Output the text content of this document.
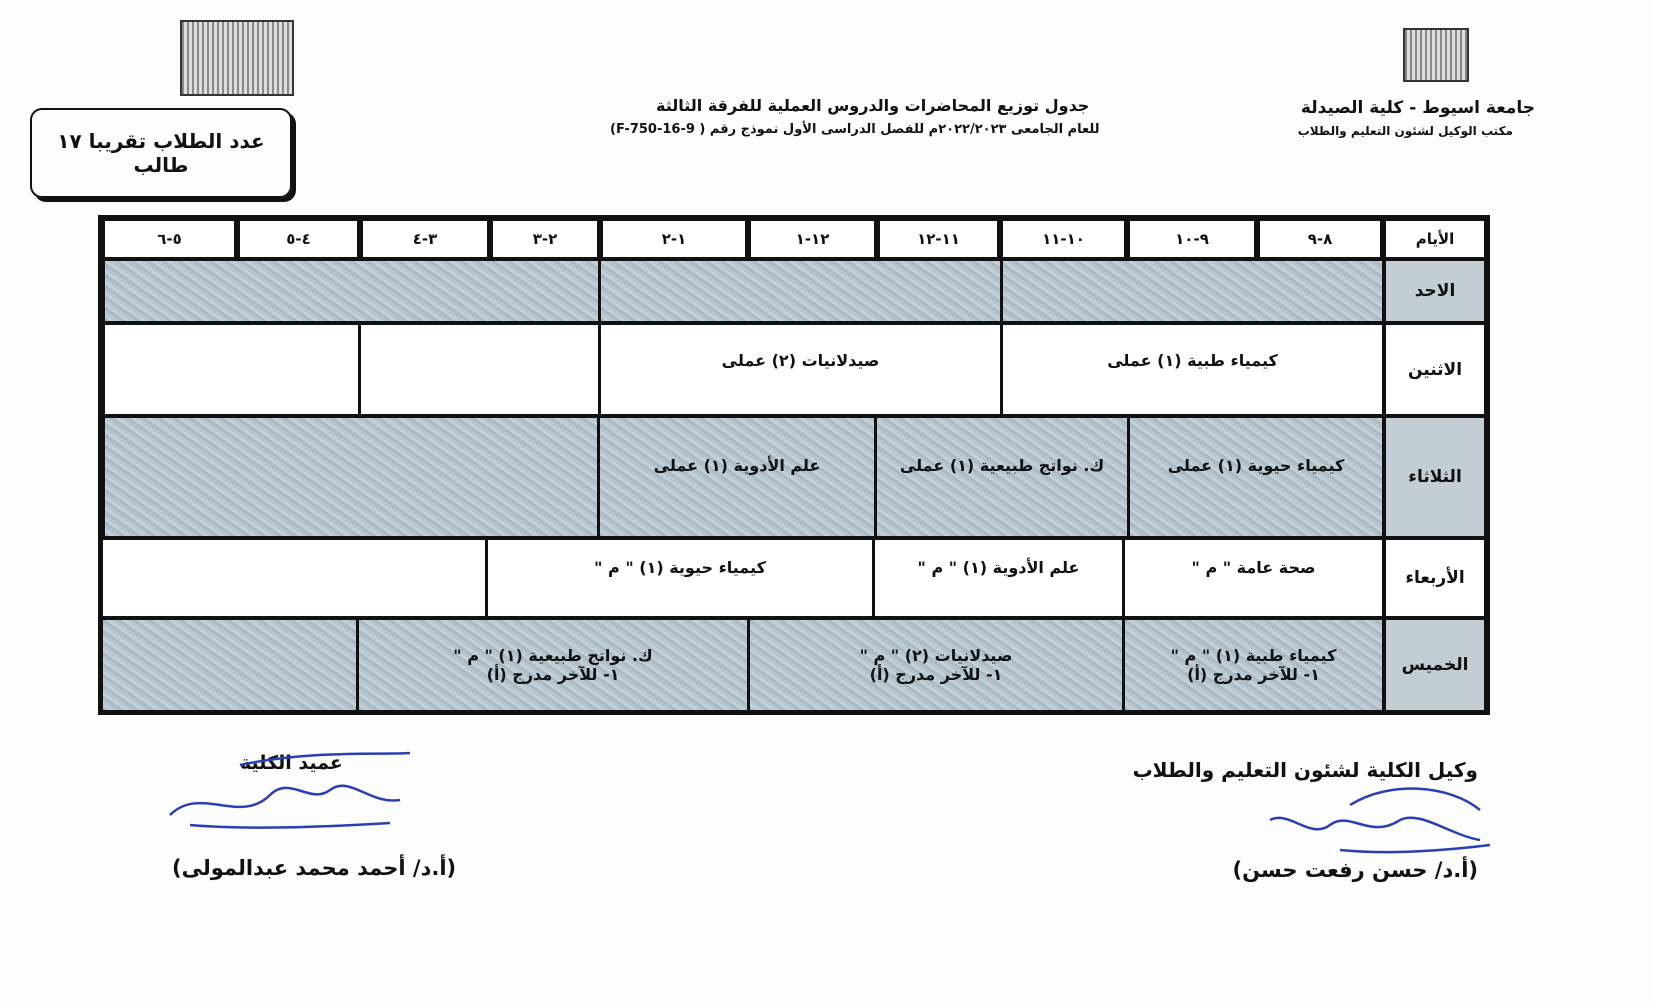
جامعة اسيوط - كلية الصيدلة
مكتب الوكيل لشئون التعليم والطلاب
جدول توزيع المحاضرات والدروس العملية للفرقة الثالثة
للعام الجامعى ٢٠٢٢/٢٠٢٣م للفصل الدراسى الأول نموذج رقم ( F-750-16-9)
عدد الطلاب تقريبا ١٧
طالب
الأيام
٨-٩
٩-١٠
١٠-١١
١١-١٢
١٢-١
١-٢
٢-٣
٣-٤
٤-٥
٥-٦
الاحد
الاثنين
كيمياء طبية (١) عملى
صيدلانيات (٢) عملى
الثلاثاء
كيمياء حيوية (١) عملى
ك. نواتج طبيعية (١) عملى
علم الأدوية (١) عملى
الأربعاء
صحة عامة " م "
علم الأدوية (١) " م "
كيمياء حيوية (١) " م "
الخميس
كيمياء طبية (١) " م "
١- للآخر مدرج (أ)
صيدلانيات (٢) " م "
١- للآخر مدرج (أ)
ك. نواتج طبيعية (١) " م "
١- للآخر مدرج (أ)
وكيل الكلية لشئون التعليم والطلاب
(أ.د/ حسن رفعت حسن)
عميد الكلية
(أ.د/ أحمد محمد عبدالمولى)
